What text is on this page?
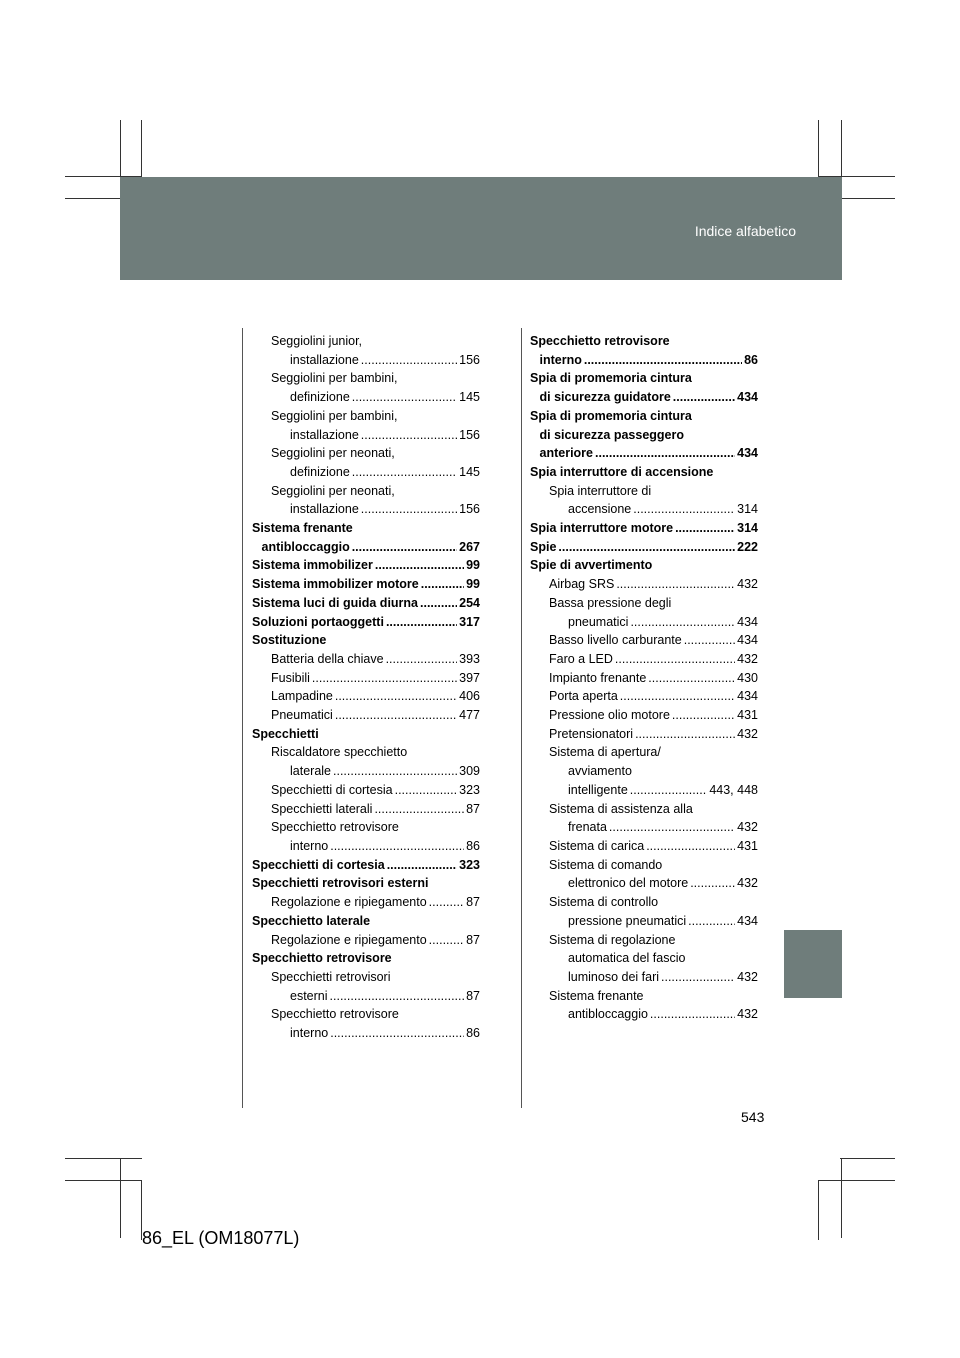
Indice alfabetico
Seggiolini junior,
installazione .....	156
Seggiolini per bambini,
definizione .....	145
Seggiolini per bambini,
installazione .....	156
Seggiolini per neonati,
definizione .....	145
Seggiolini per neonati,
installazione .....	156
Sistema frenante
antibloccaggio .....	267
Sistema immobilizer .....	99
Sistema immobilizer motore .....	99
Sistema luci di guida diurna .....	254
Soluzioni portaoggetti .....	317
Sostituzione
Batteria della chiave .....	393
Fusibili .....	397
Lampadine .....	406
Pneumatici .....	477
Specchietti
Riscaldatore specchietto
laterale .....	309
Specchietti di cortesia .....	323
Specchietti laterali .....	87
Specchietto retrovisore
interno .....	86
Specchietti di cortesia .....	323
Specchietti retrovisori esterni
Regolazione e ripiegamento .....	87
Specchietto laterale
Regolazione e ripiegamento .....	87
Specchietto retrovisore
Specchietti retrovisori
esterni .....	87
Specchietto retrovisore
interno .....	86
Specchietto retrovisore
interno .....	86
Spia di promemoria cintura
di sicurezza guidatore .....	434
Spia di promemoria cintura
di sicurezza passeggero
anteriore .....	434
Spia interruttore di accensione
Spia interruttore di
accensione .....	314
Spia interruttore motore .....	314
Spie .....	222
Spie di avvertimento
Airbag SRS .....	432
Bassa pressione degli
pneumatici .....	434
Basso livello carburante .....	434
Faro a LED .....	432
Impianto frenante .....	430
Porta aperta .....	434
Pressione olio motore .....	431
Pretensionatori .....	432
Sistema di apertura/
avviamento
intelligente .....	443, 448
Sistema di assistenza alla
frenata .....	432
Sistema di carica .....	431
Sistema di comando
elettronico del motore .....	432
Sistema di controllo
pressione pneumatici .....	434
Sistema di regolazione
automatica del fascio
luminoso dei fari .....	432
Sistema frenante
antibloccaggio .....	432
543
86_EL (OM18077L)
